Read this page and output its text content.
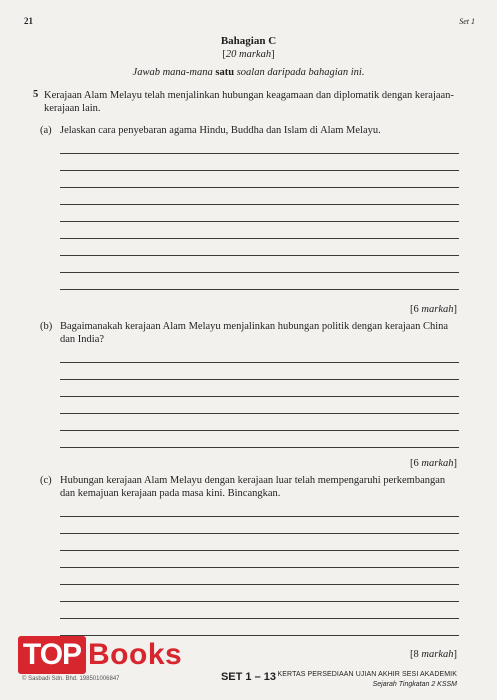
21	Set 1
Bahagian C
[20 markah]
Jawab mana-mana satu soalan daripada bahagian ini.
5 Kerajaan Alam Melayu telah menjalinkan hubungan keagamaan dan diplomatik dengan kerajaan-
kerajaan lain.
(a) Jelaskan cara penyebaran agama Hindu, Buddha dan Islam di Alam Melayu.
[6 markah]
(b) Bagaimanakah kerajaan Alam Melayu menjalinkan hubungan politik dengan kerajaan China
dan India?
[6 markah]
(c) Hubungan kerajaan Alam Melayu dengan kerajaan luar telah mempengaruhi perkembangan
dan kemajuan kerajaan pada masa kini. Bincangkan.
[8 markah]
TOP Books
© Sasbadi Sdn. Bhd. 198501006847	SET 1 – 13 KERTAS PERSEDIAAN UJIAN AKHIR SESI AKADEMIK
Sejarah Tingkatan 2 KSSM
